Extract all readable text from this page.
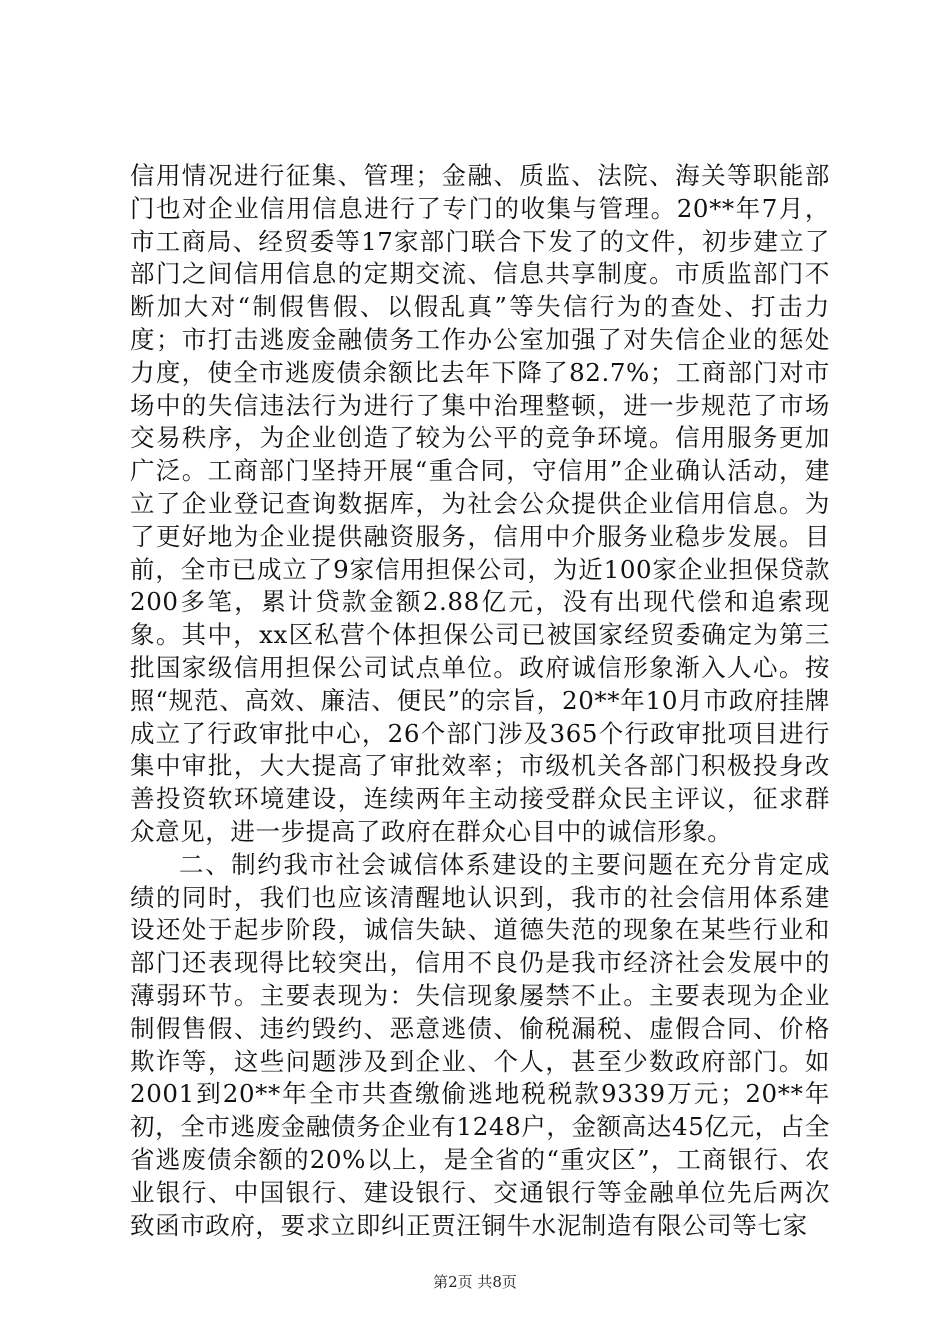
信用情况进行征集、管理；金融、质监、法院、海关等职能部门也对企业信用信息进行了专门的收集与管理。20**年7月，市工商局、经贸委等17家部门联合下发了的文件，初步建立了部门之间信用信息的定期交流、信息共享制度。市质监部门不断加大对“制假售假、以假乱真”等失信行为的查处、打击力度；市打击逃废金融债务工作办公室加强了对失信企业的惩处力度，使全市逃废债余额比去年下降了82.7%；工商部门对市场中的失信违法行为进行了集中治理整顿，进一步规范了市场交易秩序，为企业创造了较为公平的竞争环境。信用服务更加广泛。工商部门坚持开展“重合同，守信用”企业确认活动，建立了企业登记查询数据库，为社会公众提供企业信用信息。为了更好地为企业提供融资服务，信用中介服务业稳步发展。目前，全市已成立了9家信用担保公司，为近100家企业担保贷款200多笔，累计贷款金额2.88亿元，没有出现代偿和追索现象。其中，xx区私营个体担保公司已被国家经贸委确定为第三批国家级信用担保公司试点单位。政府诚信形象渐入人心。按照“规范、高效、廉洁、便民”的宗旨，20**年10月市政府挂牌成立了行政审批中心，26个部门涉及365个行政审批项目进行集中审批，大大提高了审批效率；市级机关各部门积极投身改善投资软环境建设，连续两年主动接受群众民主评议，征求群众意见，进一步提高了政府在群众心目中的诚信形象。

二、制约我市社会诚信体系建设的主要问题在充分肯定成绩的同时，我们也应该清醒地认识到，我市的社会信用体系建设还处于起步阶段，诚信失缺、道德失范的现象在某些行业和部门还表现得比较突出，信用不良仍是我市经济社会发展中的薄弱环节。主要表现为：失信现象屡禁不止。主要表现为企业制假售假、违约毁约、恶意逃债、偷税漏税、虚假合同、价格欺诈等，这些问题涉及到企业、个人，甚至少数政府部门。如2001到20**年全市共查缴偷逃地税税款9339万元；20**年初，全市逃废金融债务企业有1248户，金额高达45亿元，占全省逃废债余额的20%以上，是全省的“重灾区”，工商银行、农业银行、中国银行、建设银行、交通银行等金融单位先后两次致函市政府，要求立即纠正贾汪铜牛水泥制造有限公司等七家

第2页 共8页
